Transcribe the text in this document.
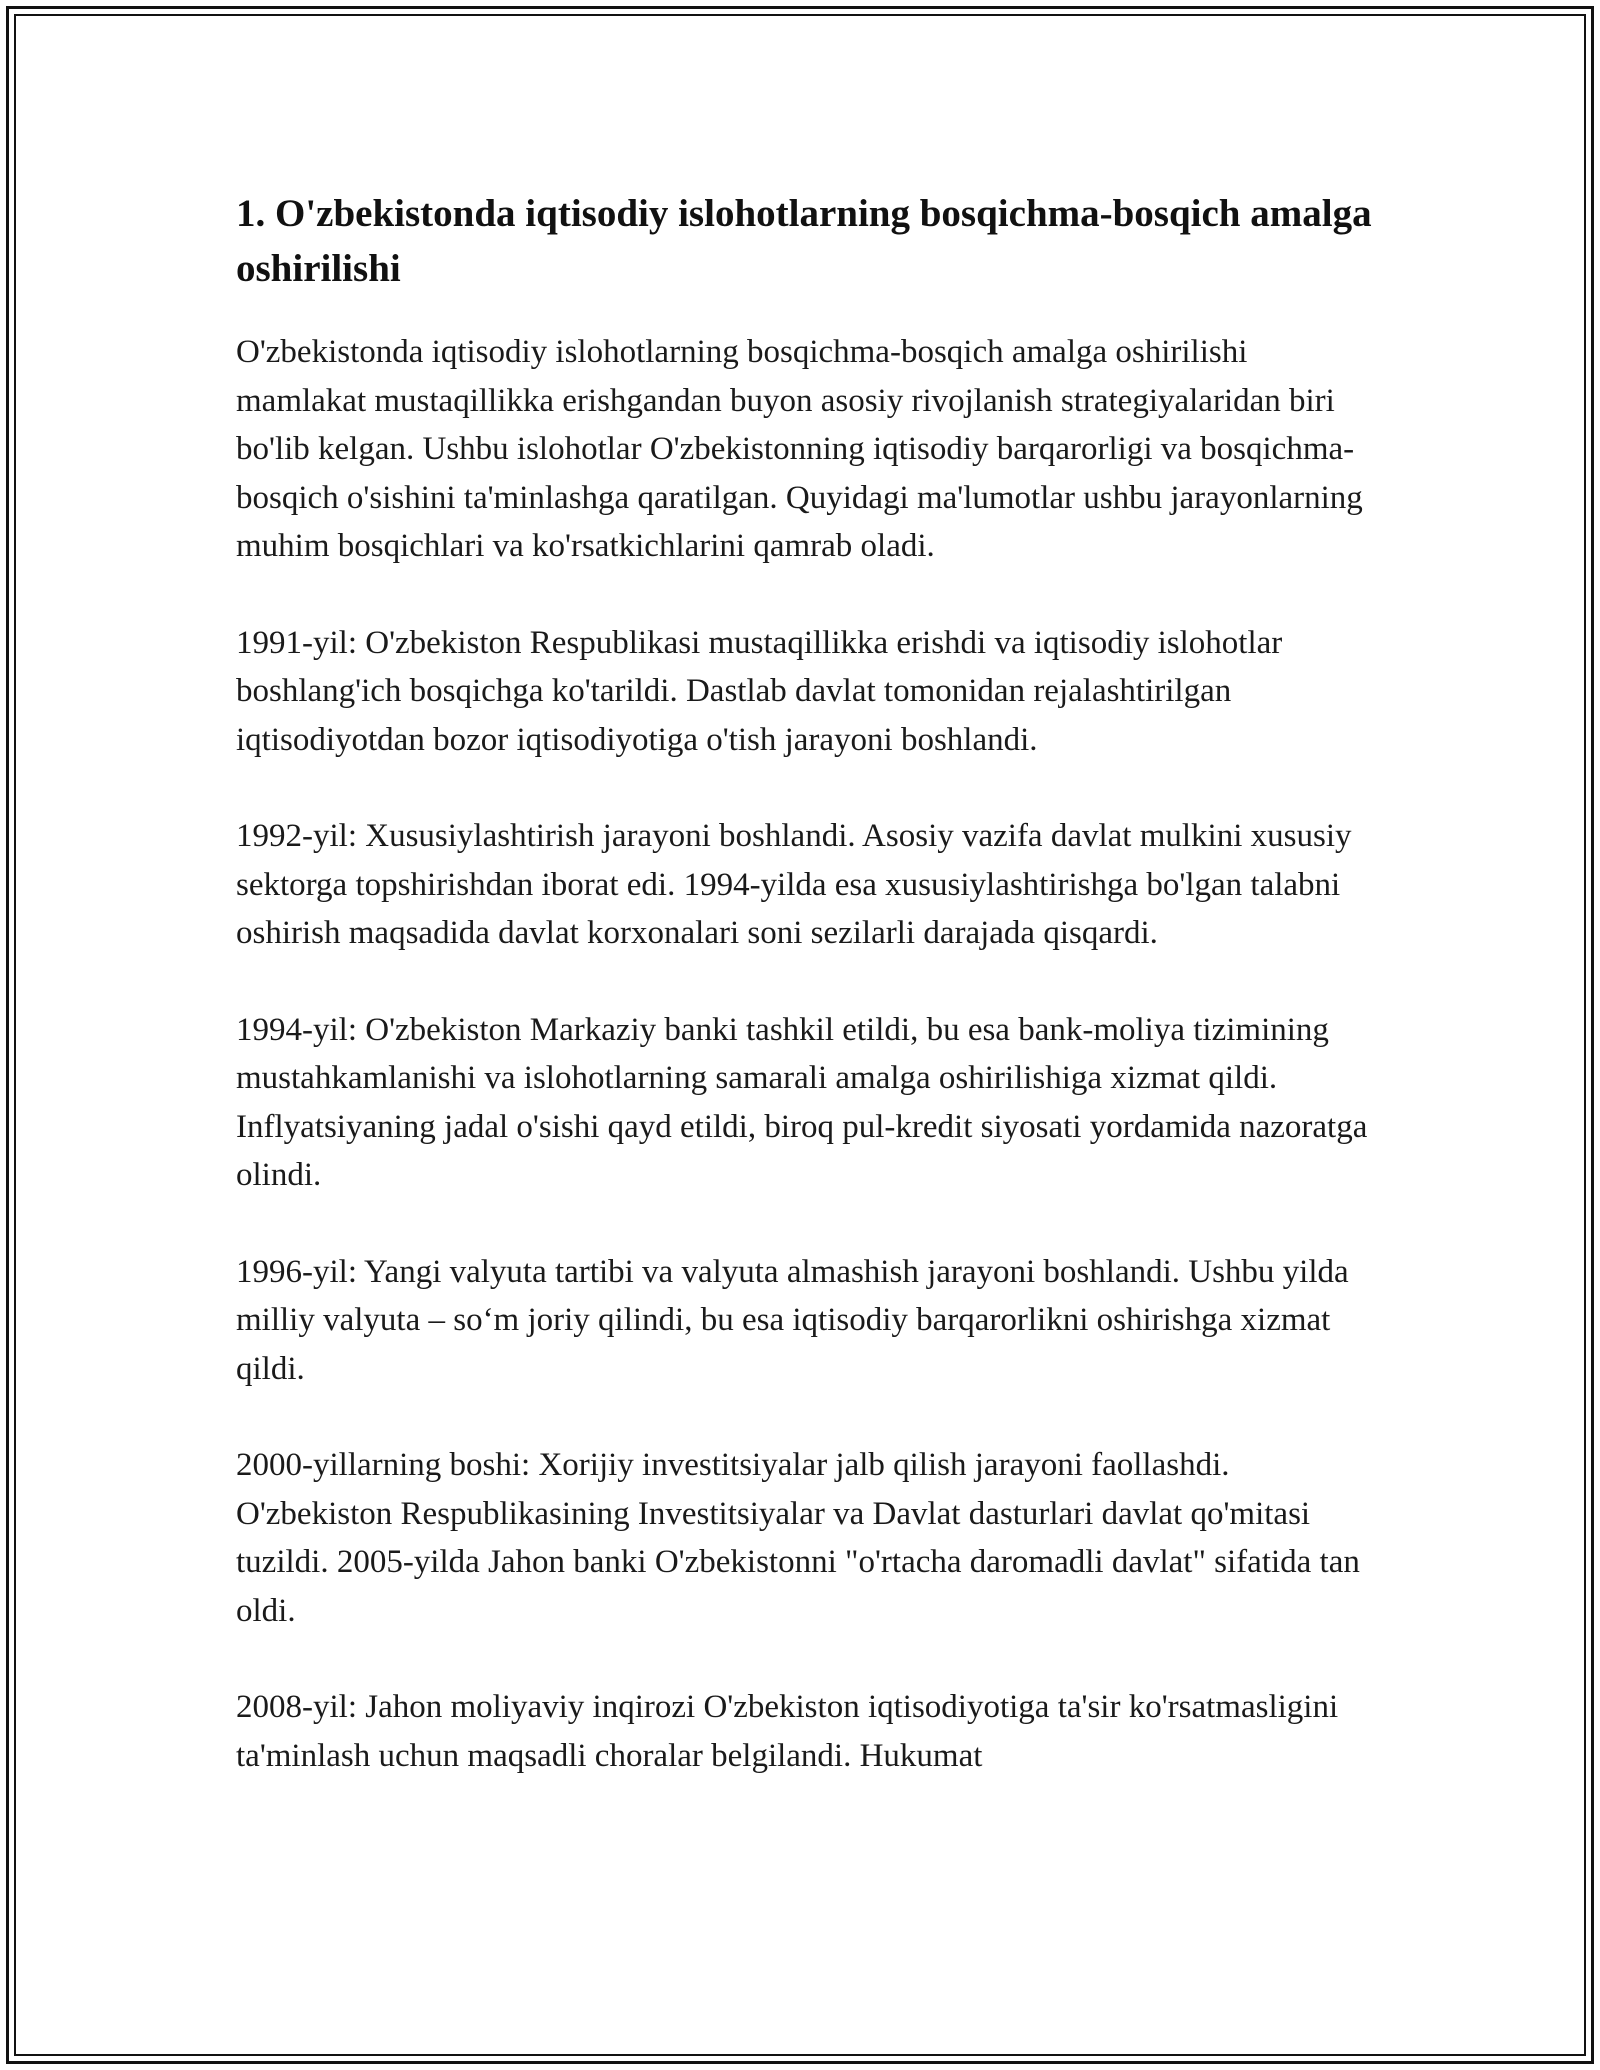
1. O'zbekistonda iqtisodiy islohotlarning bosqichma-bosqich amalga oshirilishi

O'zbekistonda iqtisodiy islohotlarning bosqichma-bosqich amalga oshirilishi mamlakat mustaqillikka erishgandan buyon asosiy rivojlanish strategiyalaridan biri bo'lib kelgan. Ushbu islohotlar O'zbekistonning iqtisodiy barqarorligi va bosqichma-bosqich o'sishini ta'minlashga qaratilgan. Quyidagi ma'lumotlar ushbu jarayonlarning muhim bosqichlari va ko'rsatkichlarini qamrab oladi.

1991-yil: O'zbekiston Respublikasi mustaqillikka erishdi va iqtisodiy islohotlar boshlang'ich bosqichga ko'tarildi. Dastlab davlat tomonidan rejalashtirilgan iqtisodiyotdan bozor iqtisodiyotiga o'tish jarayoni boshlandi.

1992-yil: Xususiylashtirish jarayoni boshlandi. Asosiy vazifa davlat mulkini xususiy sektorga topshirishdan iborat edi. 1994-yilda esa xususiylashtirishga bo'lgan talabni oshirish maqsadida davlat korxonalari soni sezilarli darajada qisqardi.

1994-yil: O'zbekiston Markaziy banki tashkil etildi, bu esa bank-moliya tizimining mustahkamlanishi va islohotlarning samarali amalga oshirilishiga xizmat qildi. Inflyatsiyaning jadal o'sishi qayd etildi, biroq pul-kredit siyosati yordamida nazoratga olindi.

1996-yil: Yangi valyuta tartibi va valyuta almashish jarayoni boshlandi. Ushbu yilda milliy valyuta – so‘m joriy qilindi, bu esa iqtisodiy barqarorlikni oshirishga xizmat qildi.

2000-yillarning boshi: Xorijiy investitsiyalar jalb qilish jarayoni faollashdi. O'zbekiston Respublikasining Investitsiyalar va Davlat dasturlari davlat qo'mitasi tuzildi. 2005-yilda Jahon banki O'zbekistonni "o'rtacha daromadli davlat" sifatida tan oldi.

2008-yil: Jahon moliyaviy inqirozi O'zbekiston iqtisodiyotiga ta'sir ko'rsatmasligini ta'minlash uchun maqsadli choralar belgilandi. Hukumat
